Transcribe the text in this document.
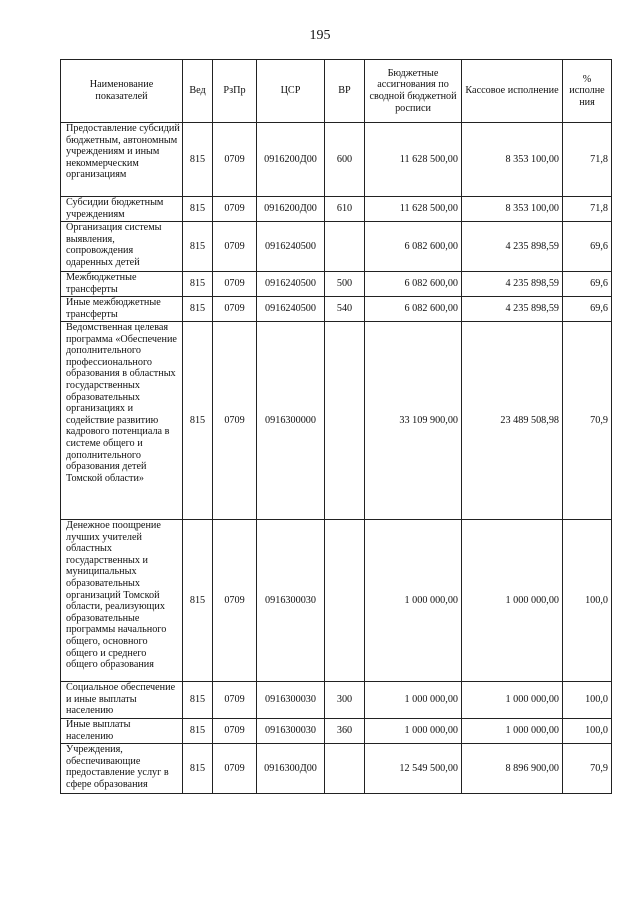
195
Наименование показателей	Вед	РзПр	ЦСР	ВР	Бюджетные ассигнования по сводной бюджетной росписи	Кассовое исполнение	% исполне ния
Предоставление субсидий бюджетным, автономным учреждениям и иным некоммерческим организациям	815	0709	0916200Д00	600	11 628 500,00	8 353 100,00	71,8
Субсидии бюджетным учреждениям	815	0709	0916200Д00	610	11 628 500,00	8 353 100,00	71,8
Организация системы выявления, сопровождения одаренных детей	815	0709	0916240500		6 082 600,00	4 235 898,59	69,6
Межбюджетные трансферты	815	0709	0916240500	500	6 082 600,00	4 235 898,59	69,6
Иные межбюджетные трансферты	815	0709	0916240500	540	6 082 600,00	4 235 898,59	69,6
Ведомственная целевая программа «Обеспечение дополнительного профессионального образования в областных государственных образовательных организациях и содействие развитию кадрового потенциала в системе общего и дополнительного образования детей Томской области»	815	0709	0916300000		33 109 900,00	23 489 508,98	70,9
Денежное поощрение лучших учителей областных государственных и муниципальных образовательных организаций Томской области, реализующих образовательные программы начального общего, основного общего и среднего общего образования	815	0709	0916300030		1 000 000,00	1 000 000,00	100,0
Социальное обеспечение и иные выплаты населению	815	0709	0916300030	300	1 000 000,00	1 000 000,00	100,0
Иные выплаты населению	815	0709	0916300030	360	1 000 000,00	1 000 000,00	100,0
Учреждения, обеспечивающие предоставление услуг в сфере образования	815	0709	0916300Д00		12 549 500,00	8 896 900,00	70,9
